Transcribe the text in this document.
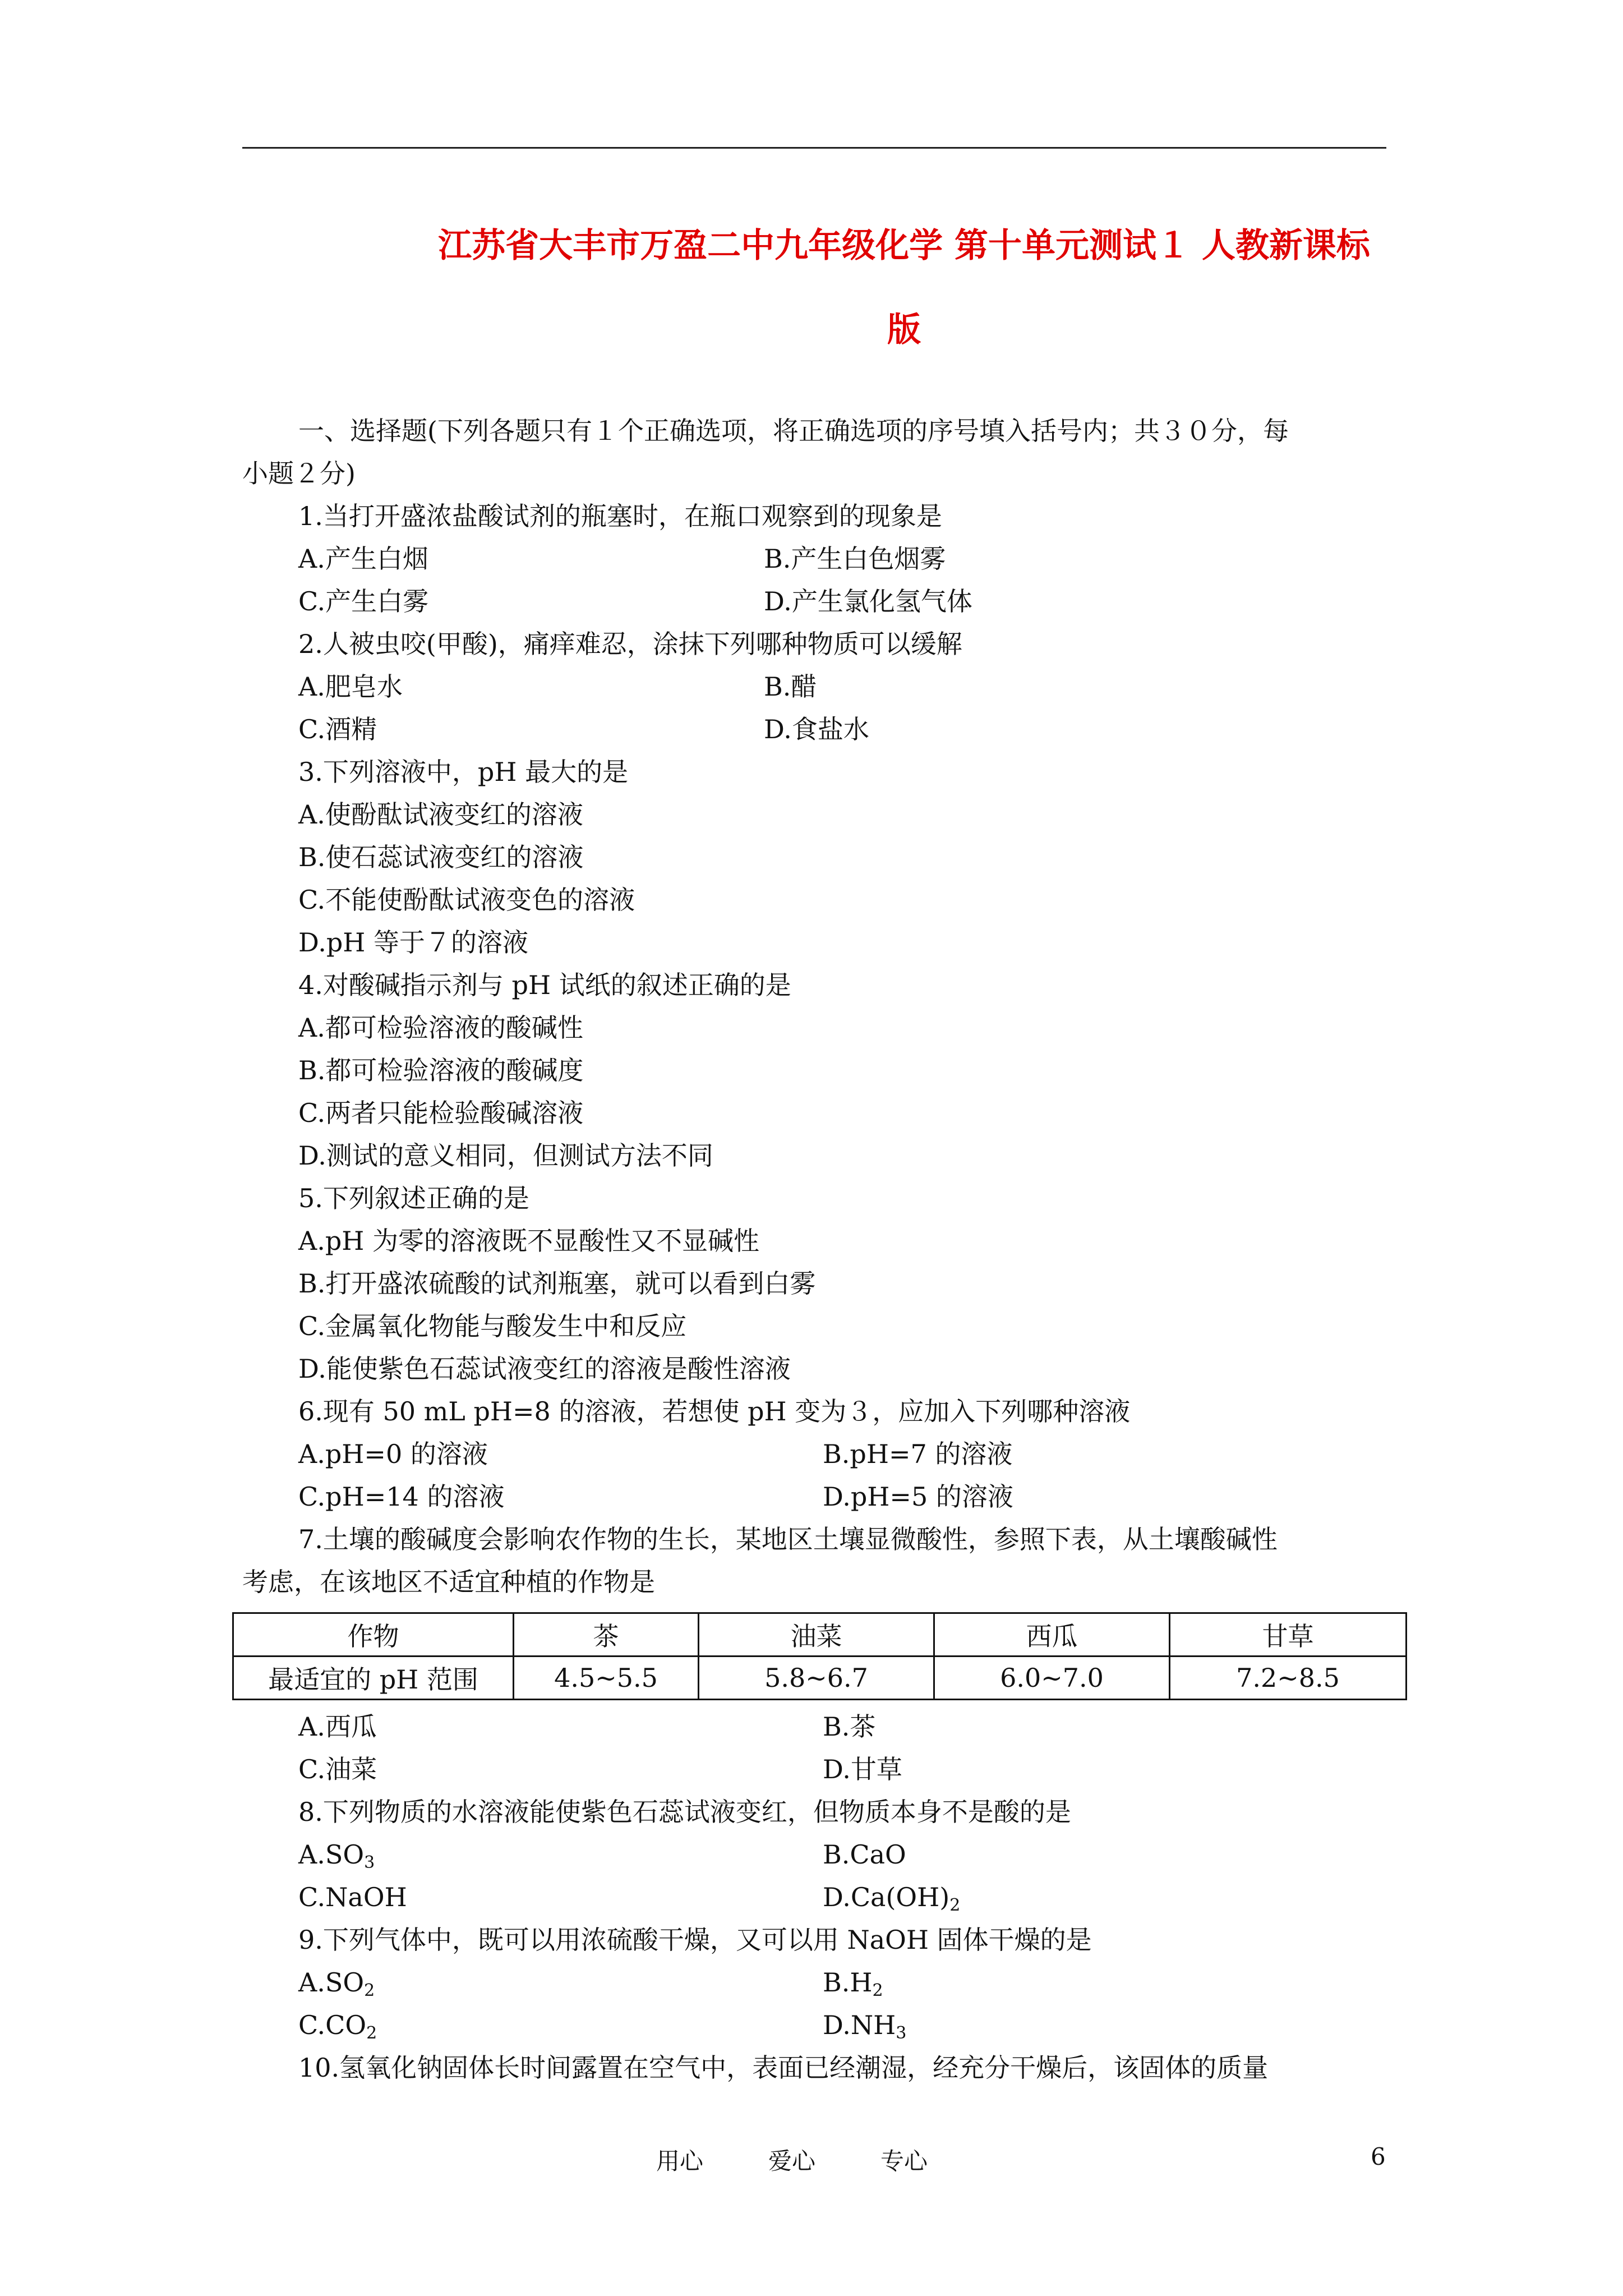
江苏省大丰市万盈二中九年级化学 第十单元测试１ 人教新课标
版
一、选择题(下列各题只有１个正确选项，将正确选项的序号填入括号内；共３０分，每
小题２分)
1.当打开盛浓盐酸试剂的瓶塞时，在瓶口观察到的现象是
A.产生白烟	B.产生白色烟雾
C.产生白雾	D.产生氯化氢气体
2.人被虫咬(甲酸)，痛痒难忍，涂抹下列哪种物质可以缓解
A.肥皂水	B.醋
C.酒精	D.食盐水
3.下列溶液中，pH 最大的是
A.使酚酞试液变红的溶液
B.使石蕊试液变红的溶液
C.不能使酚酞试液变色的溶液
D.pH 等于７的溶液
4.对酸碱指示剂与 pH 试纸的叙述正确的是
A.都可检验溶液的酸碱性
B.都可检验溶液的酸碱度
C.两者只能检验酸碱溶液
D.测试的意义相同，但测试方法不同
5.下列叙述正确的是
A.pH 为零的溶液既不显酸性又不显碱性
B.打开盛浓硫酸的试剂瓶塞，就可以看到白雾
C.金属氧化物能与酸发生中和反应
D.能使紫色石蕊试液变红的溶液是酸性溶液
6.现有 50 mL pH=8 的溶液，若想使 pH 变为３，应加入下列哪种溶液
A.pH=0 的溶液	B.pH=7 的溶液
C.pH=14 的溶液	D.pH=5 的溶液
7.土壤的酸碱度会影响农作物的生长，某地区土壤显微酸性，参照下表，从土壤酸碱性
考虑，在该地区不适宜种植的作物是
作物	茶	油菜	西瓜	甘草
最适宜的 pH 范围	4.5~5.5	5.8~6.7	6.0~7.0	7.2~8.5
A.西瓜	B.茶
C.油菜	D.甘草
8.下列物质的水溶液能使紫色石蕊试液变红，但物质本身不是酸的是
$A.SO_3$	B.CaO
C.NaOH	$D.Ca(OH)_2$
9.下列气体中，既可以用浓硫酸干燥，又可以用 NaOH 固体干燥的是
$A.SO_2$	$B.H_2$
$C.CO_2$	$D.NH_3$
10.氢氧化钠固体长时间露置在空气中，表面已经潮湿，经充分干燥后，该固体的质量
用心	爱心	专心	6
